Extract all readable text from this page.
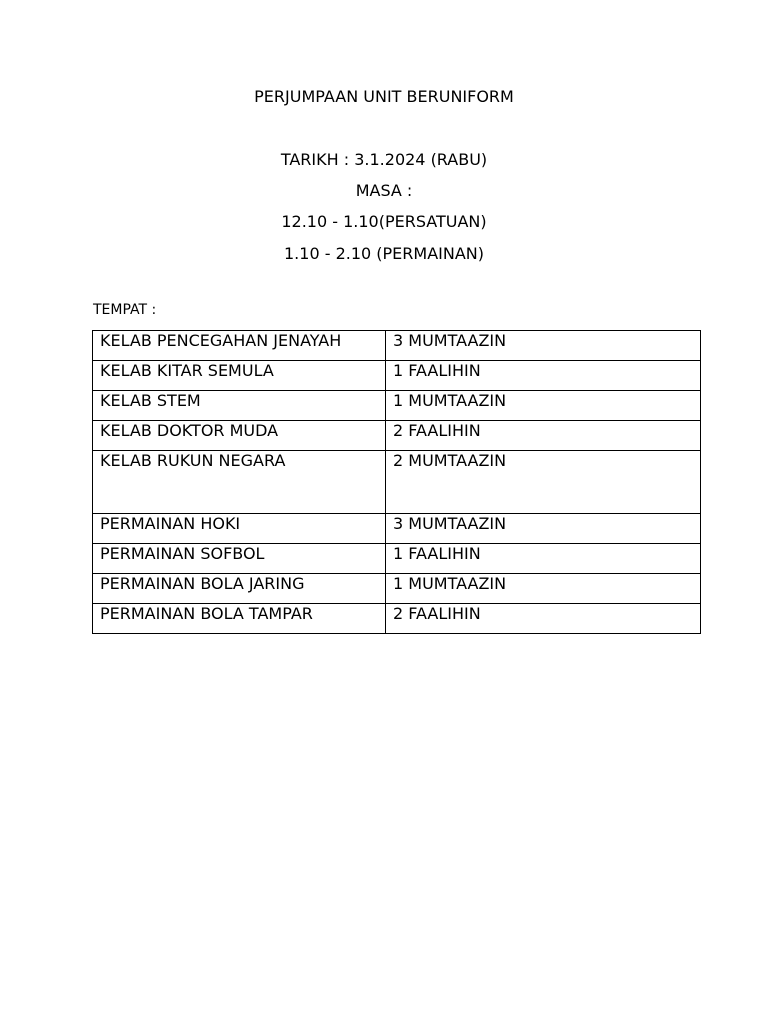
PERJUMPAAN UNIT BERUNIFORM
TARIKH : 3.1.2024 (RABU)
MASA :
12.10 - 1.10(PERSATUAN)
1.10 - 2.10 (PERMAINAN)
TEMPAT :
KELAB PENCEGAHAN JENAYAH	3 MUMTAAZIN
KELAB KITAR SEMULA	1 FAALIHIN
KELAB STEM	1 MUMTAAZIN
KELAB DOKTOR MUDA	2 FAALIHIN
KELAB RUKUN NEGARA	2 MUMTAAZIN
PERMAINAN HOKI	3 MUMTAAZIN
PERMAINAN SOFBOL	1 FAALIHIN
PERMAINAN BOLA JARING	1 MUMTAAZIN
PERMAINAN BOLA TAMPAR	2 FAALIHIN
